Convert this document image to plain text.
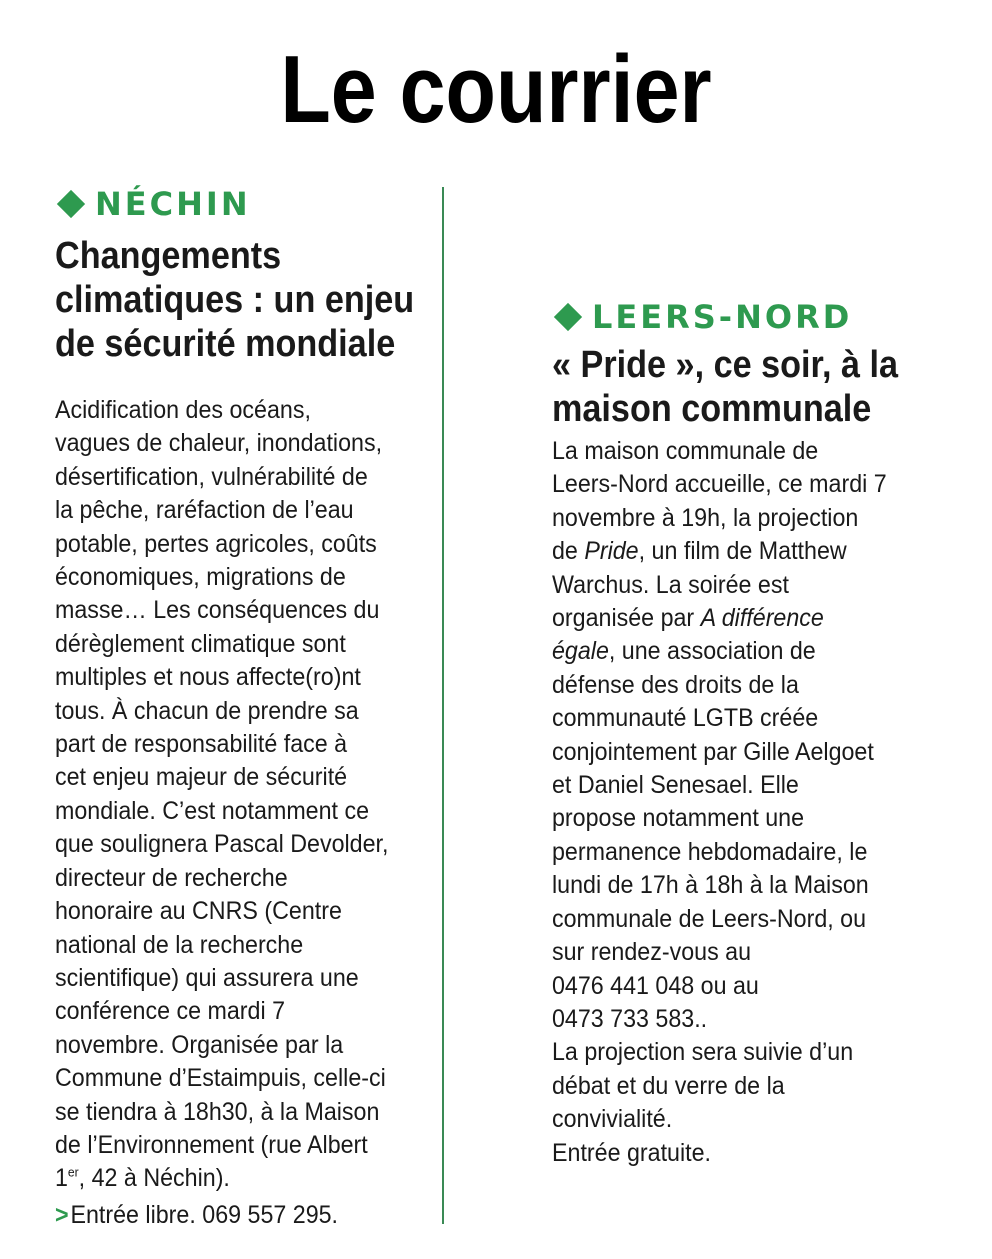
Le courrier
NÉCHIN
Changements
climatiques : un enjeu
de sécurité mondiale
Acidification des océans,
vagues de chaleur, inondations,
désertification, vulnérabilité de
la pêche, raréfaction de l’eau
potable, pertes agricoles, coûts
économiques, migrations de
masse… Les conséquences du
dérèglement climatique sont
multiples et nous affecte(ro)nt
tous. À chacun de prendre sa
part de responsabilité face à
cet enjeu majeur de sécurité
mondiale. C’est notamment ce
que soulignera Pascal Devolder,
directeur de recherche
honoraire au CNRS (Centre
national de la recherche
scientifique) qui assurera une
conférence ce mardi 7
novembre. Organisée par la
Commune d’Estaimpuis, celle-ci
se tiendra à 18h30, à la Maison
de l’Environnement (rue Albert
1er, 42 à Néchin).
>Entrée libre. 069 557 295.
LEERS-NORD
« Pride », ce soir, à la
maison communale
La maison communale de
Leers-Nord accueille, ce mardi 7
novembre à 19h, la projection
de Pride, un film de Matthew
Warchus. La soirée est
organisée par A différence
égale, une association de
défense des droits de la
communauté LGTB créée
conjointement par Gille Aelgoet
et Daniel Senesael. Elle
propose notamment une
permanence hebdomadaire, le
lundi de 17h à 18h à la Maison
communale de Leers-Nord, ou
sur rendez-vous au
0476 441 048 ou au
0473 733 583..
La projection sera suivie d’un
débat et du verre de la
convivialité.
Entrée gratuite.
